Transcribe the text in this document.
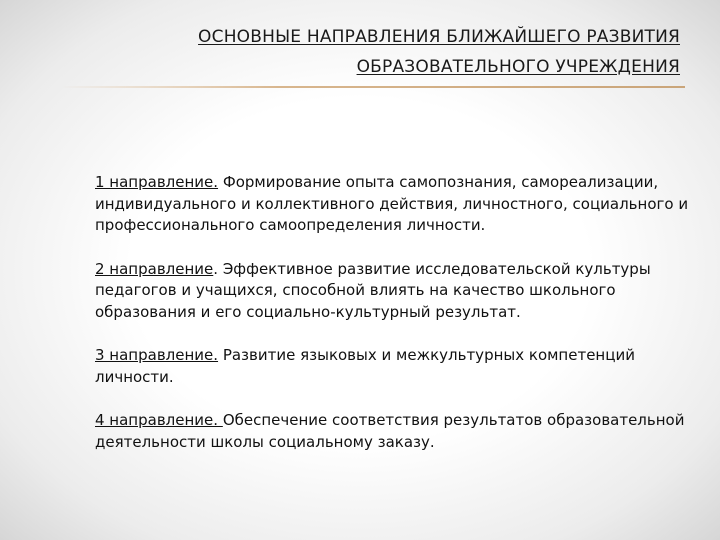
ОСНОВНЫЕ НАПРАВЛЕНИЯ БЛИЖАЙШЕГО РАЗВИТИЯ
ОБРАЗОВАТЕЛЬНОГО УЧРЕЖДЕНИЯ

1 направление. Формирование опыта самопознания, самореализации, индивидуального и коллективного действия, личностного, социального и профессионального самоопределения личности.

2 направление. Эффективное развитие исследовательской культуры педагогов и учащихся, способной влиять на качество школьного образования и его социально-культурный результат.

3 направление. Развитие языковых и межкультурных компетенций личности.

4 направление. Обеспечение соответствия результатов образовательной деятельности школы социальному заказу.
